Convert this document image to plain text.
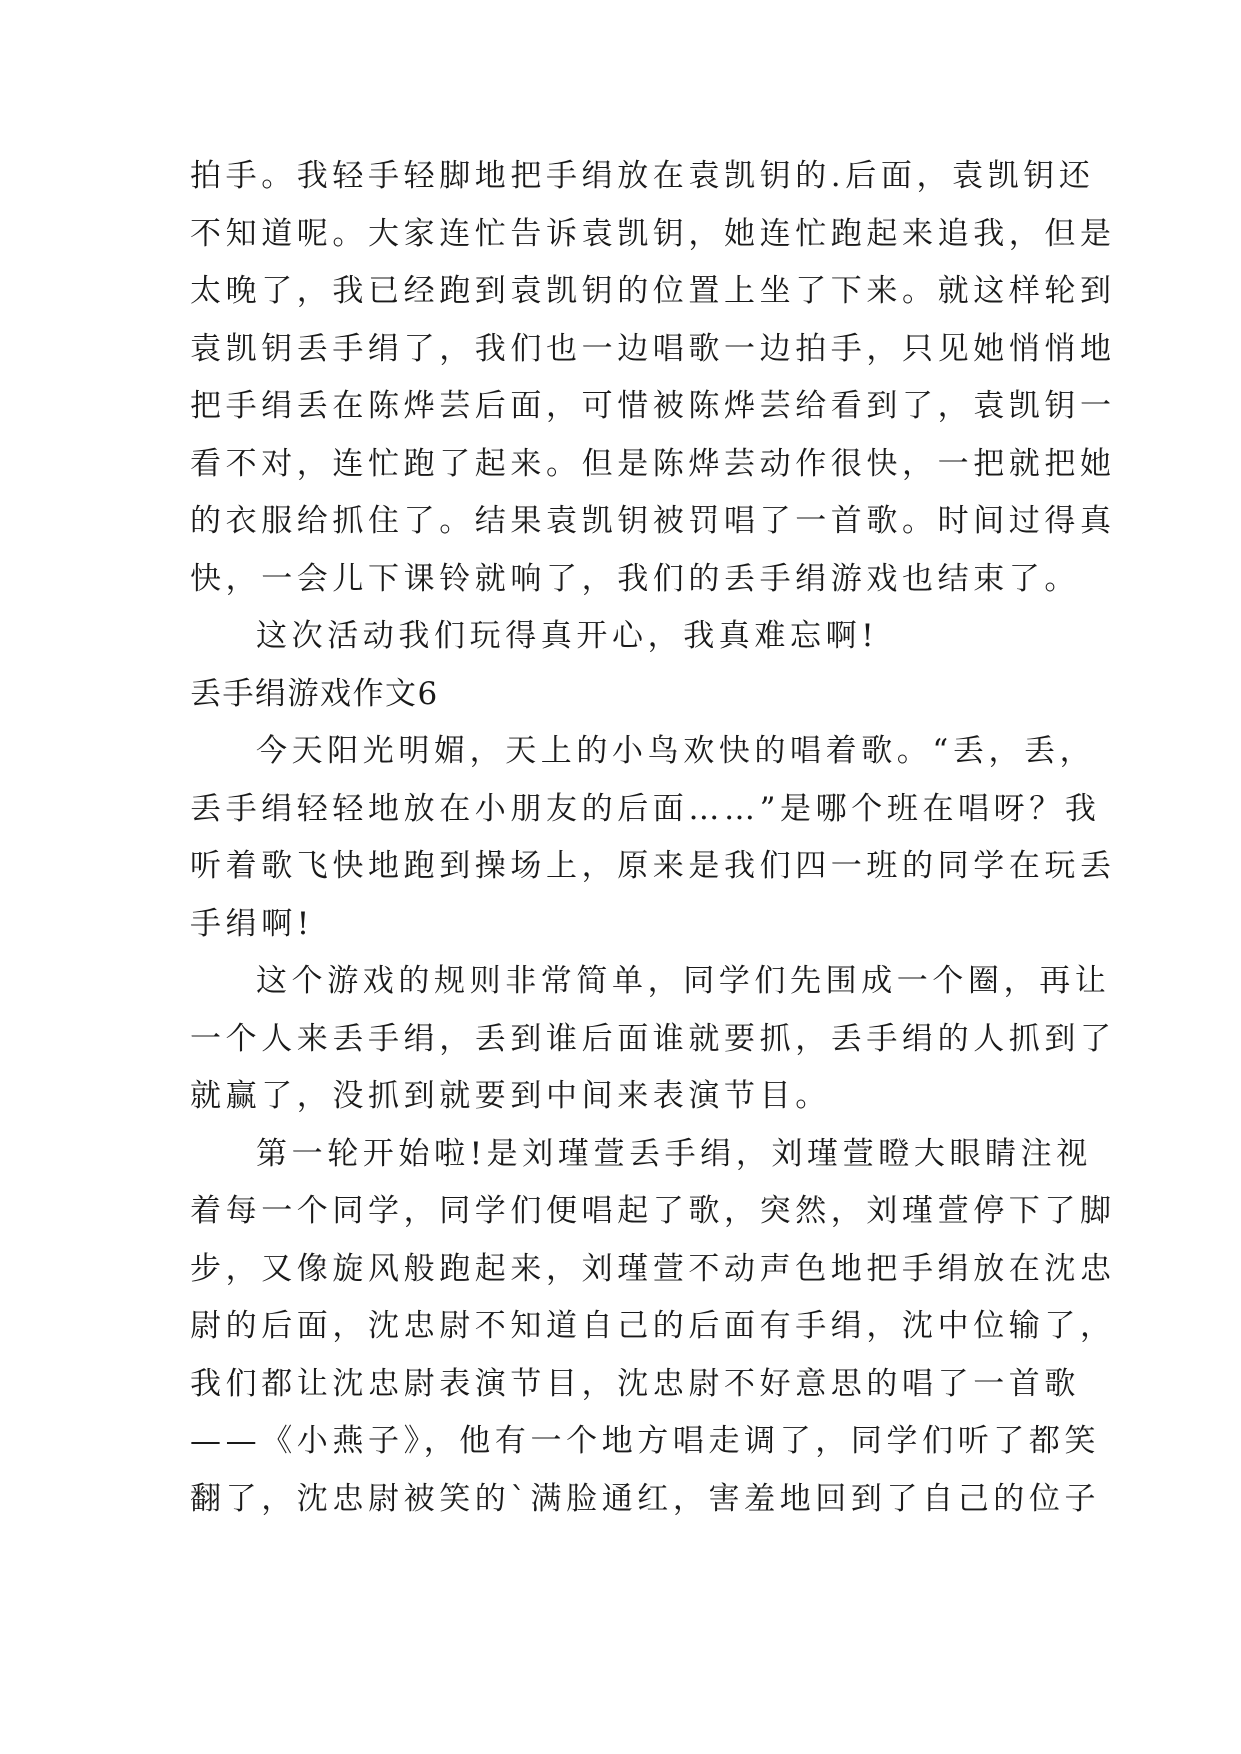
拍手。我轻手轻脚地把手绢放在袁凯钥的.后面，袁凯钥还
不知道呢。大家连忙告诉袁凯钥，她连忙跑起来追我，但是
太晚了，我已经跑到袁凯钥的位置上坐了下来。就这样轮到
袁凯钥丢手绢了，我们也一边唱歌一边拍手，只见她悄悄地
把手绢丢在陈烨芸后面，可惜被陈烨芸给看到了，袁凯钥一
看不对，连忙跑了起来。但是陈烨芸动作很快，一把就把她
的衣服给抓住了。结果袁凯钥被罚唱了一首歌。时间过得真
快，一会儿下课铃就响了，我们的丢手绢游戏也结束了。
这次活动我们玩得真开心，我真难忘啊!
丢手绢游戏作文6
今天阳光明媚，天上的小鸟欢快的唱着歌。“丢，丢，
丢手绢轻轻地放在小朋友的后面……”是哪个班在唱呀？我
听着歌飞快地跑到操场上，原来是我们四一班的同学在玩丢
手绢啊!
这个游戏的规则非常简单，同学们先围成一个圈，再让
一个人来丢手绢，丢到谁后面谁就要抓，丢手绢的人抓到了
就赢了，没抓到就要到中间来表演节目。
第一轮开始啦!是刘瑾萱丢手绢，刘瑾萱瞪大眼睛注视
着每一个同学，同学们便唱起了歌，突然，刘瑾萱停下了脚
步，又像旋风般跑起来，刘瑾萱不动声色地把手绢放在沈忠
尉的后面，沈忠尉不知道自己的后面有手绢，沈中位输了，
我们都让沈忠尉表演节目，沈忠尉不好意思的唱了一首歌
——《小燕子》，他有一个地方唱走调了，同学们听了都笑
翻了，沈忠尉被笑的`满脸通红，害羞地回到了自己的位子
